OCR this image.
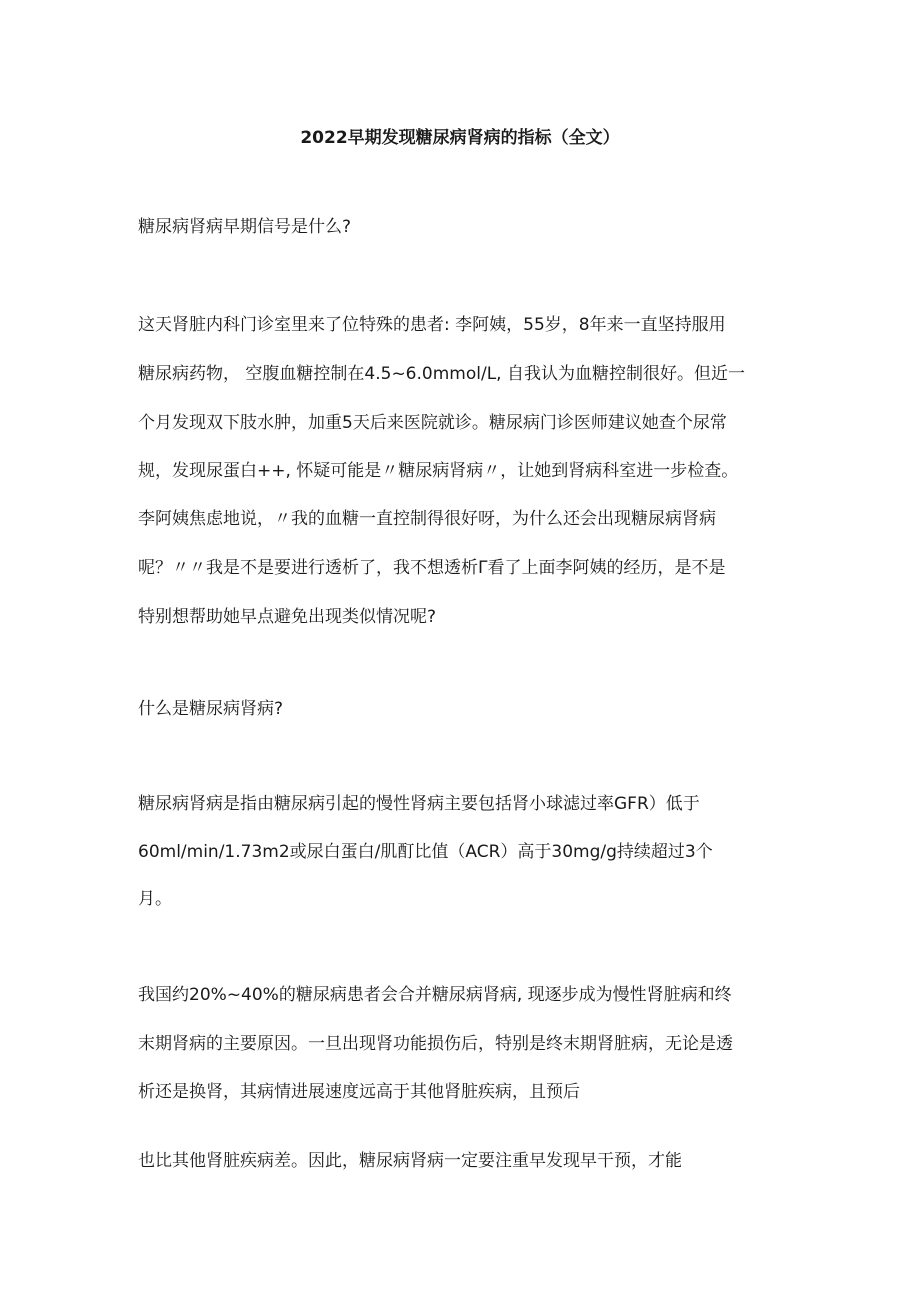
2022早期发现糖尿病肾病的指标（全文）
糖尿病肾病早期信号是什么?
这天肾脏内科门诊室里来了位特殊的患者: 李阿姨，55岁，8年来一直坚持服用
糖尿病药物， 空腹血糖控制在4.5~6.0mmol/L, 自我认为血糖控制很好。但近一
个月发现双下肢水肿，加重5天后来医院就诊。糖尿病门诊医师建议她查个尿常
规，发现尿蛋白++, 怀疑可能是〃糖尿病肾病〃，让她到肾病科室进一步检查。
李阿姨焦虑地说，〃我的血糖一直控制得很好呀，为什么还会出现糖尿病肾病
呢？〃〃我是不是要进行透析了，我不想透析Γ看了上面李阿姨的经历，是不是
特别想帮助她早点避免出现类似情况呢?
什么是糖尿病肾病?
糖尿病肾病是指由糖尿病引起的慢性肾病主要包括肾小球滤过率GFR）低于
60ml/min/1.73m2或尿白蛋白/肌酊比值（ACR）高于30mg/g持续超过3个
月。
我国约20%~40%的糖尿病患者会合并糖尿病肾病, 现逐步成为慢性肾脏病和终
末期肾病的主要原因。一旦出现肾功能损伤后，特别是终末期肾脏病，无论是透
析还是换肾，其病情进展速度远高于其他肾脏疾病，且预后
也比其他肾脏疾病差。因此，糖尿病肾病一定要注重早发现早干预，才能
